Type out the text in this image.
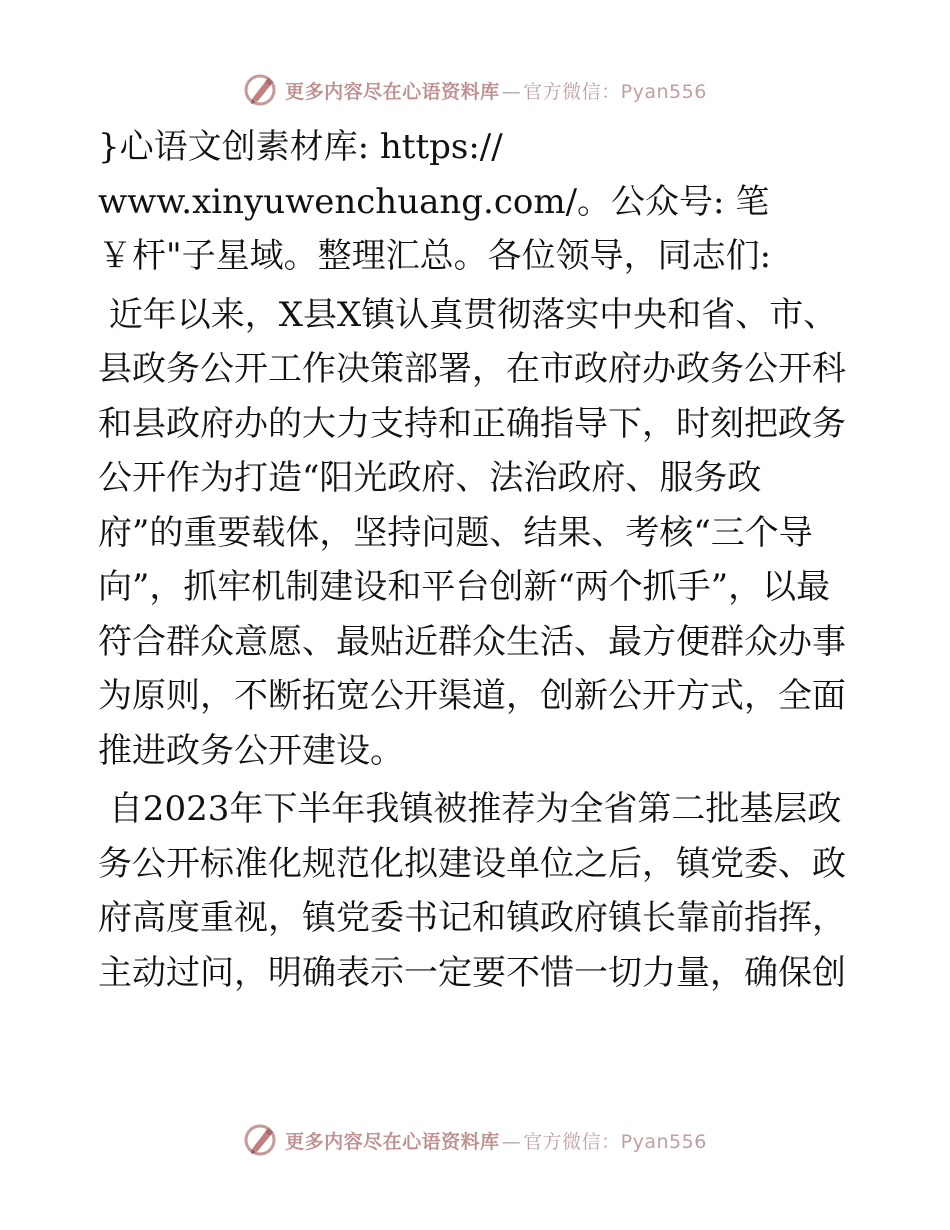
更多内容尽在心语资料库 — 官方微信：Pyan556

}心语文创素材库: https://
www.xinyuwenchuang.com/。公众号: 笔￥杆"子星域。整理汇总。各位领导，同志们:

近年以来，X县X镇认真贯彻落实中央和省、市、县政务公开工作决策部署，在市政府办政务公开科和县政府办的大力支持和正确指导下，时刻把政务公开作为打造“阳光政府、法治政府、服务政
府”的重要载体，坚持问题、结果、考核“三个导向”，抓牢机制建设和平台创新“两个抓手”，以最符合群众意愿、最贴近群众生活、最方便群众办事为原则，不断拓宽公开渠道，创新公开方式，全面推进政务公开建设。

自2023年下半年我镇被推荐为全省第二批基层政务公开标准化规范化拟建设单位之后，镇党委、政府高度重视，镇党委书记和镇政府镇长靠前指挥，主动过问，明确表示一定要不惜一切力量，确保创

更多内容尽在心语资料库 — 官方微信：Pyan556
